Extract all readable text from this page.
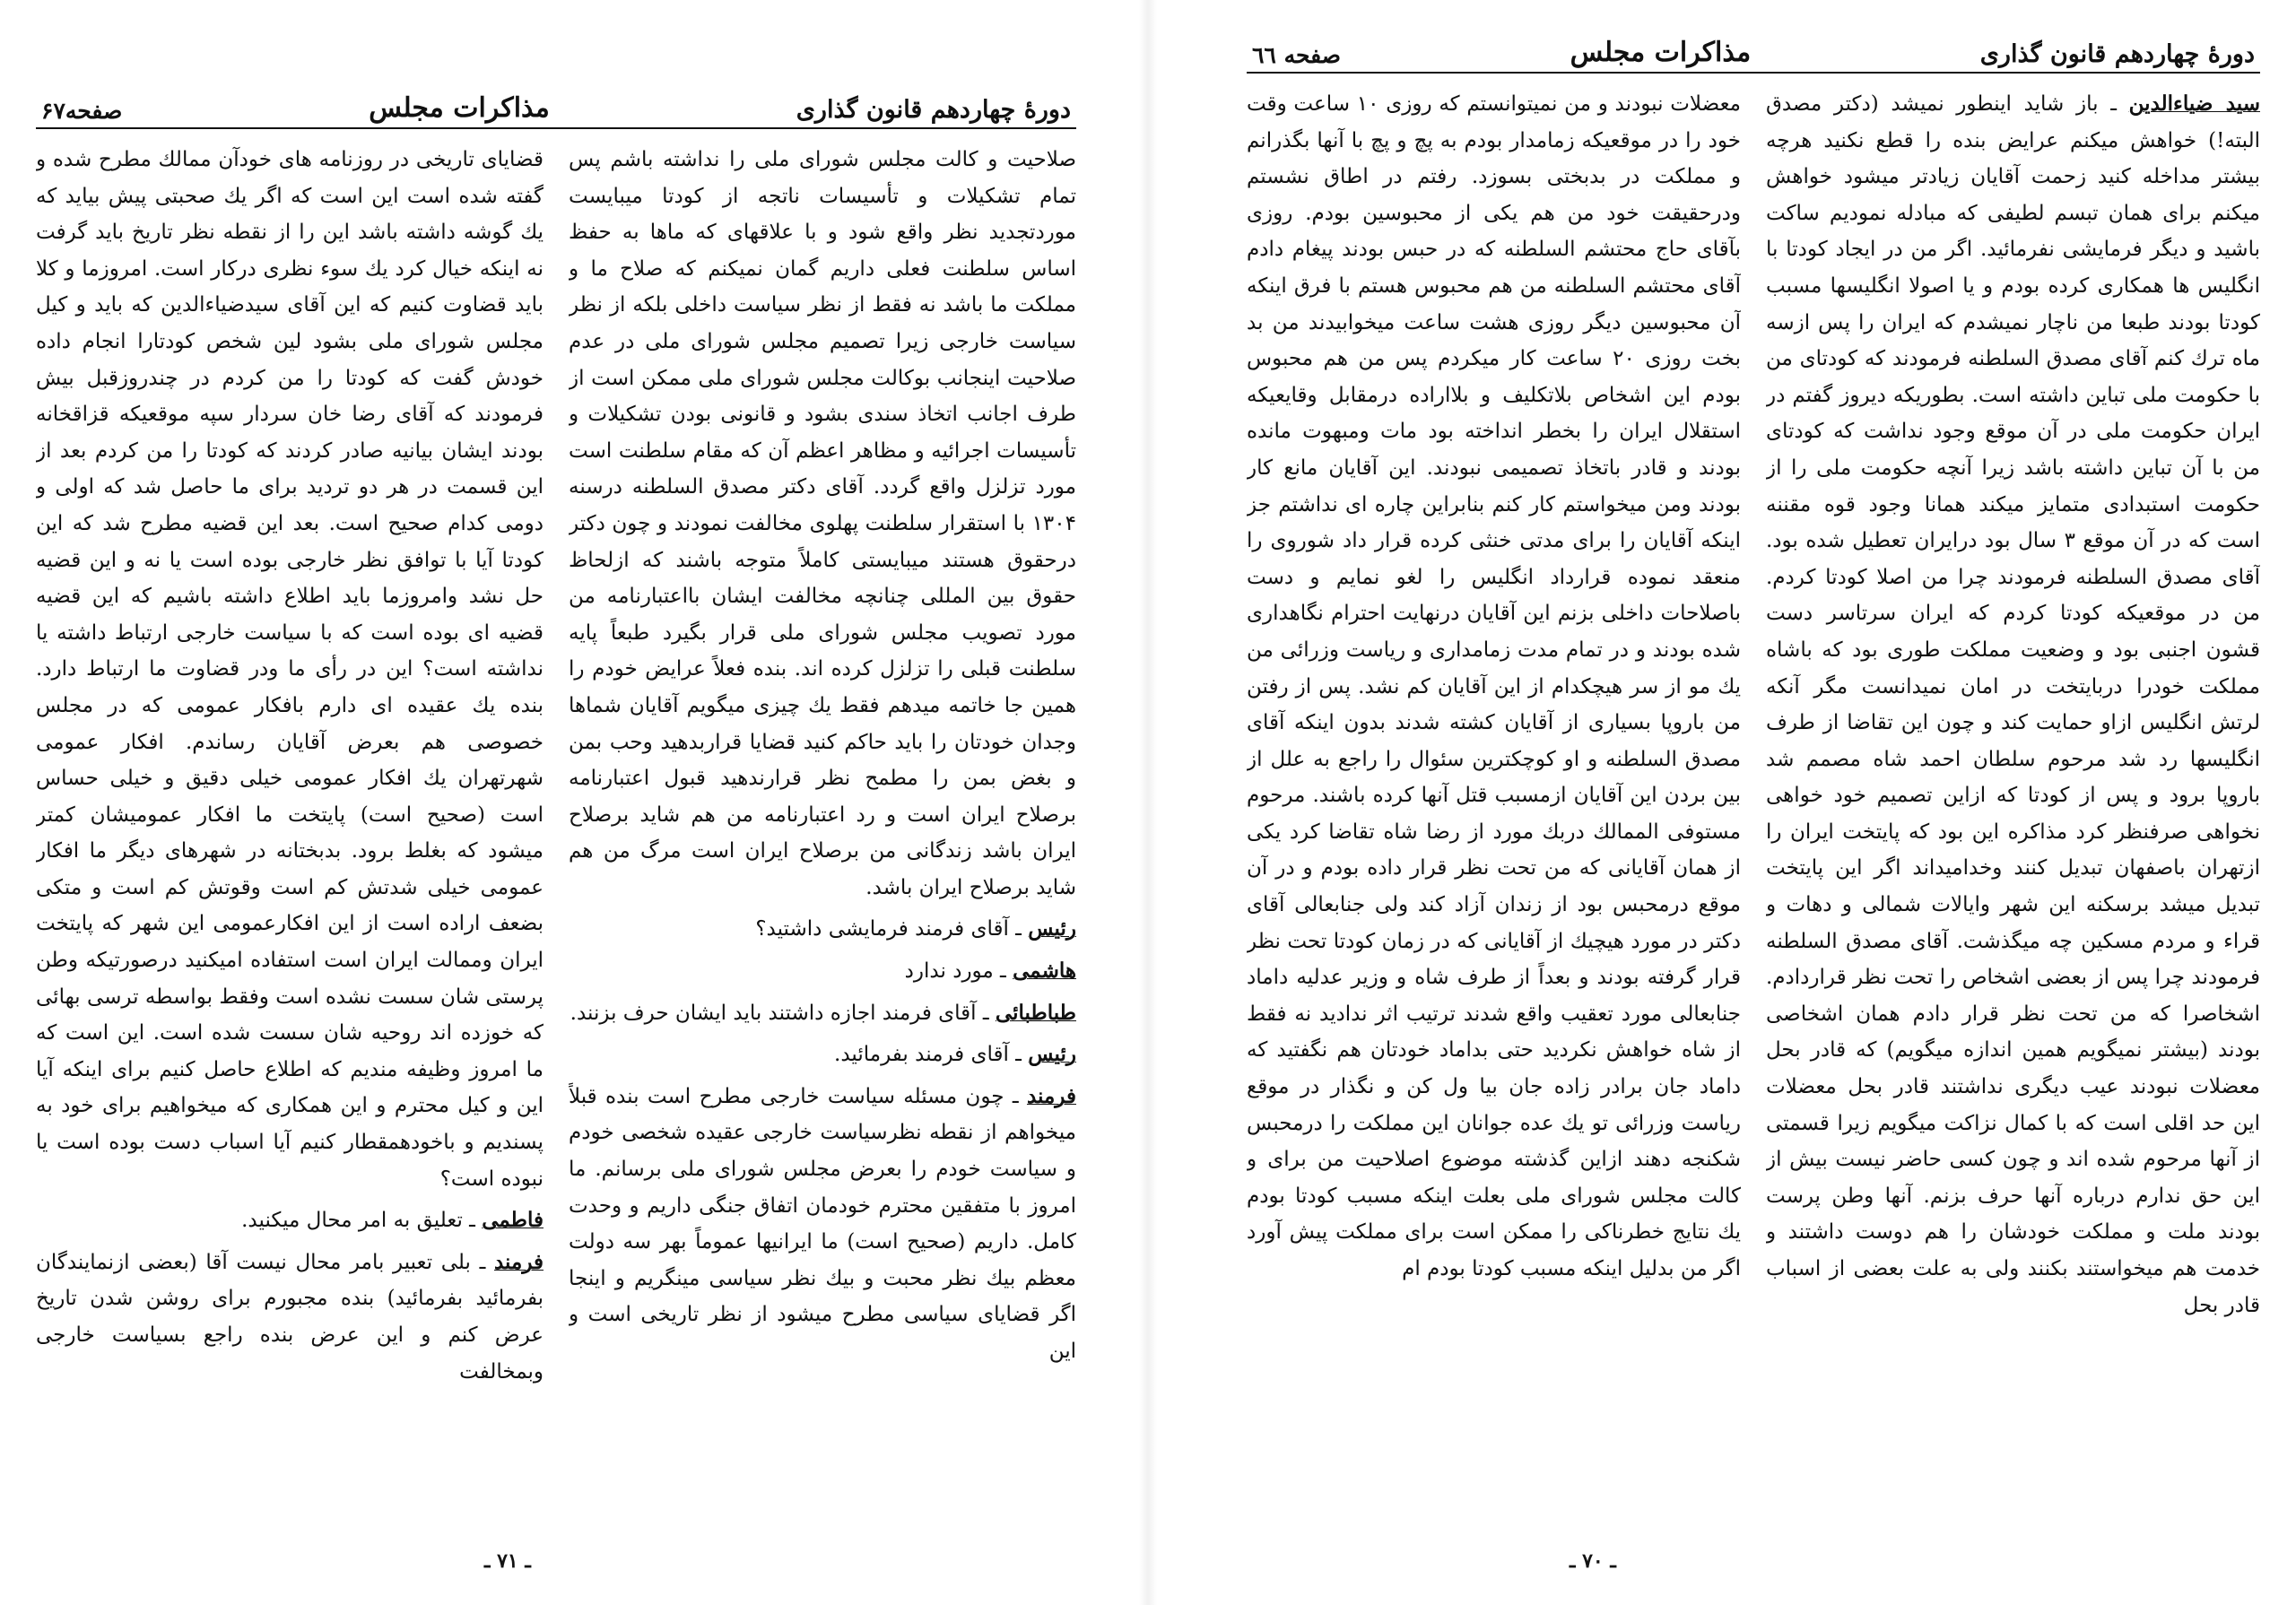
دورهٔ چهاردهم قانون گذاری
مذاکرات مجلس
صفحه۶۷

صلاحیت و کالت مجلس شورای ملی را نداشته باشم پس تمام تشکیلات و تأسیسات ناتجه از کودتا میبایست موردتجدید نظر واقع شود و با علاقهای که ماها به حفظ اساس سلطنت فعلی داریم گمان نمیکنم که صلاح ما و مملکت ما باشد نه فقط از نظر سیاست داخلی بلکه از نظر سیاست خارجی زیرا تصمیم مجلس شورای ملی در عدم صلاحیت اینجانب بوکالت مجلس شورای ملی ممکن است از طرف اجانب اتخاذ سندی بشود و قانونی بودن تشکیلات و تأسیسات اجرائیه و مظاهر اعظم آن که مقام سلطنت است مورد تزلزل واقع گردد. آقای دکتر مصدق السلطنه درسنه ۱۳۰۴ با استقرار سلطنت پهلوی مخالفت نمودند و چون دکتر درحقوق هستند میبایستی کاملاً متوجه باشند که ازلحاظ حقوق بین المللی چنانچه مخالفت ایشان بااعتبارنامه من مورد تصویب مجلس شورای ملی قرار بگیرد طبعاً پایه سلطنت قبلی را تزلزل کرده اند. بنده فعلاً عرایض خودم را همین جا خاتمه میدهم فقط یك چیزی میگویم آقایان شماها وجدان خودتان را باید حاکم کنید قضایا قراربدهید وحب بمن و بغض بمن را مطمح نظر قرارندهید قبول اعتبارنامه برصلاح ایران است و رد اعتبارنامه من هم شاید برصلاح ایران باشد زندگانی من برصلاح ایران است مرگ من هم شاید برصلاح ایران باشد.

رئیس ـ آقای فرمند فرمایشی داشتید؟

هاشمی ـ مورد ندارد

طباطبائی ـ آقای فرمند اجازه داشتند باید ایشان حرف بزنند.

رئیس ـ آقای فرمند بفرمائید.

فرمند ـ چون مسئله سیاست خارجی مطرح است بنده قبلاً میخواهم از نقطه نظرسیاست خارجی عقیده شخصی خودم و سیاست خودم را بعرض مجلس شورای ملی برسانم. ما امروز با متفقین محترم خودمان اتفاق جنگی داریم و وحدت کامل. داریم (صحیح است) ما ایرانیها عموماً بهر سه دولت معظم بیك نظر محبت و بیك نظر سیاسی مینگریم و اینجا اگر قضایای سیاسی مطرح میشود از نظر تاریخی است و این

قضایای تاریخی در روزنامه های خودآن ممالك مطرح شده و گفته شده است این است که اگر یك صحبتی پیش بیاید که یك گوشه داشته باشد این را از نقطه نظر تاریخ باید گرفت نه اینکه خیال کرد یك سوء نظری درکار است. امروزما و کلا باید قضاوت کنیم که این آقای سیدضیاءالدین که باید و کیل مجلس شورای ملی بشود لین شخص کودتارا انجام داده خودش گفت که کودتا را من کردم در چندروزقبل بیش فرمودند که آقای رضا خان سردار سپه موقعیکه قزاقخانه بودند ایشان بیانیه صادر کردند که کودتا را من کردم بعد از این قسمت در هر دو تردید برای ما حاصل شد که اولی و دومی کدام صحیح است. بعد این قضیه مطرح شد که این کودتا آیا با توافق نظر خارجی بوده است یا نه و این قضیه حل نشد وامروزما باید اطلاع داشته باشیم که این قضیه قضیه ای بوده است که با سیاست خارجی ارتباط داشته یا نداشته است؟ این در رأی ما ودر قضاوت ما ارتباط دارد. بنده یك عقیده ای دارم بافکار عمومی که در مجلس خصوصی هم بعرض آقایان رساندم. افکار عمومی شهرتهران یك افکار عمومی خیلی دقیق و خیلی حساس است (صحیح است) پایتخت ما افکار عمومیشان کمتر میشود که بغلط برود. بدبختانه در شهرهای دیگر ما افکار عمومی خیلی شدتش کم است وقوتش کم است و متکی بضعف اراده است از این افکارعمومی این شهر که پایتخت ایران وممالت ایران است استفاده امیکنید درصورتیکه وطن پرستی شان سست نشده است وفقط بواسطه ترسی بهائی که خوزده اند روحیه شان سست شده است. این است که ما امروز وظیفه مندیم که اطلاع حاصل کنیم برای اینکه آیا این و کیل محترم و این همکاری که میخواهیم برای خود به پسندیم و باخودهمقطار کنیم آیا اسباب دست بوده است یا نبوده است؟

فاطمی ـ تعلیق به امر محال میکنید.

فرمند ـ بلی تعبیر بامر محال نیست آقا (بعضی ازنمایندگان بفرمائید بفرمائید) بنده مجبورم برای روشن شدن تاریخ عرض کنم و این عرض بنده راجع بسیاست خارجی وبمخالفت

ـ ۷۱ ـ
دورهٔ چهاردهم قانون گذاری
مذاکرات مجلس
صفحه ٦٦

سید ضیاءالدین ـ باز شاید اینطور نمیشد (دکتر مصدق البته!) خواهش میکنم عرایض بنده را قطع نکنید هرچه بیشتر مداخله کنید زحمت آقایان زیادتر میشود خواهش میکنم برای همان تبسم لطیفی که مبادله نمودیم ساکت باشید و دیگر فرمایشی نفرمائید. اگر من در ایجاد کودتا با انگلیس ها همکاری کرده بودم و یا اصولا انگلیسها مسبب کودتا بودند طبعا من ناچار نمیشدم که ایران را پس ازسه ماه ترك کنم آقای مصدق السلطنه فرمودند که کودتای من با حکومت ملی تباین داشته است. بطوریکه دیروز گفتم در ایران حکومت ملی در آن موقع وجود نداشت که کودتای من با آن تباین داشته باشد زیرا آنچه حکومت ملی را از حکومت استبدادی متمایز میکند همانا وجود قوه مقننه است که در آن موقع ۳ سال بود درایران تعطیل شده بود. آقای مصدق السلطنه فرمودند چرا من اصلا کودتا کردم. من در موقعیکه کودتا کردم که ایران سرتاسر دست قشون اجنبی بود و وضعیت مملکت طوری بود که باشاه مملکت خودرا دربایتخت در امان نمیدانست مگر آنکه لرتش انگلیس ازاو حمایت کند و چون این تقاضا از طرف انگلیسها رد شد مرحوم سلطان احمد شاه مصمم شد باروپا برود و پس از کودتا که ازاین تصمیم خود خواهی نخواهی صرفنظر کرد مذاکره این بود که پایتخت ایران را ازتهران باصفهان تبدیل کنند وخدامیداند اگر این پایتخت تبدیل میشد برسکنه این شهر وایالات شمالی و دهات و قراء و مردم مسکین چه میگذشت. آقای مصدق السلطنه فرمودند چرا پس از بعضی اشخاص را تحت نظر قراردادم. اشخاصرا که من تحت نظر قرار دادم همان اشخاصی بودند (بیشتر نمیگویم همین اندازه میگویم) که قادر بحل معضلات نبودند عیب دیگری نداشتند قادر بحل معضلات این حد اقلی است که با کمال نزاکت میگویم زیرا قسمتی از آنها مرحوم شده اند و چون کسی حاضر نیست بیش از این حق ندارم درباره آنها حرف بزنم. آنها وطن پرست بودند ملت و مملکت خودشان را هم دوست داشتند و خدمت هم میخواستند بکنند ولی به علت بعضی از اسباب قادر بحل

معضلات نبودند و من نمیتوانستم که روزی ۱۰ ساعت وقت خود را در موقعیکه زمامدار بودم به پچ و پچ با آنها بگذرانم و مملکت در بدبختی بسوزد. رفتم در اطاق نشستم ودرحقیقت خود من هم یکی از محبوسین بودم. روزی بآقای حاج محتشم السلطنه که در حبس بودند پیغام دادم آقای محتشم السلطنه من هم محبوس هستم با فرق اینکه آن محبوسین دیگر روزی هشت ساعت میخوابیدند من بد بخت روزی ۲۰ ساعت کار میکردم پس من هم محبوس بودم این اشخاص بلاتکلیف و بلااراده درمقابل وقایعیکه استقلال ایران را بخطر انداخته بود مات ومبهوت مانده بودند و قادر باتخاذ تصمیمی نبودند. این آقایان مانع کار بودند ومن میخواستم کار کنم بنابراین چاره ای نداشتم جز اینکه آقایان را برای مدتی خنثی کرده قرار داد شوروی را منعقد نموده قرارداد انگلیس را لغو نمایم و دست باصلاحات داخلی بزنم این آقایان درنهایت احترام نگاهداری شده بودند و در تمام مدت زمامداری و ریاست وزرائی من یك مو از سر هیچکدام از این آقایان کم نشد. پس از رفتن من باروپا بسیاری از آقایان کشته شدند بدون اینکه آقای مصدق السلطنه و او کوچکترین سئوال را راجع به علل از بین بردن این آقایان ازمسبب قتل آنها کرده باشند. مرحوم مستوفی الممالك دربك مورد از رضا شاه تقاضا کرد یکی از همان آقایانی که من تحت نظر قرار داده بودم و در آن موقع درمحبس بود از زندان آزاد کند ولی جنابعالی آقای دکتر در مورد هیچیك از آقایانی که در زمان کودتا تحت نظر قرار گرفته بودند و بعداً از طرف شاه و وزیر عدلیه داماد جنابعالی مورد تعقیب واقع شدند ترتیب اثر ندادید نه فقط از شاه خواهش نکردید حتی بداماد خودتان هم نگفتید که داماد جان برادر زاده جان بیا ول کن و نگذار در موقع ریاست وزرائی تو یك عده جوانان این مملکت را درمحبس شکنجه دهند ازاین گذشته موضوع اصلاحیت من برای و کالت مجلس شورای ملی بعلت اینکه مسبب کودتا بودم یك نتایج خطرناکی را ممکن است برای مملکت پیش آورد اگر من بدلیل اینکه مسبب کودتا بودم ام

ـ ۷۰ ـ
